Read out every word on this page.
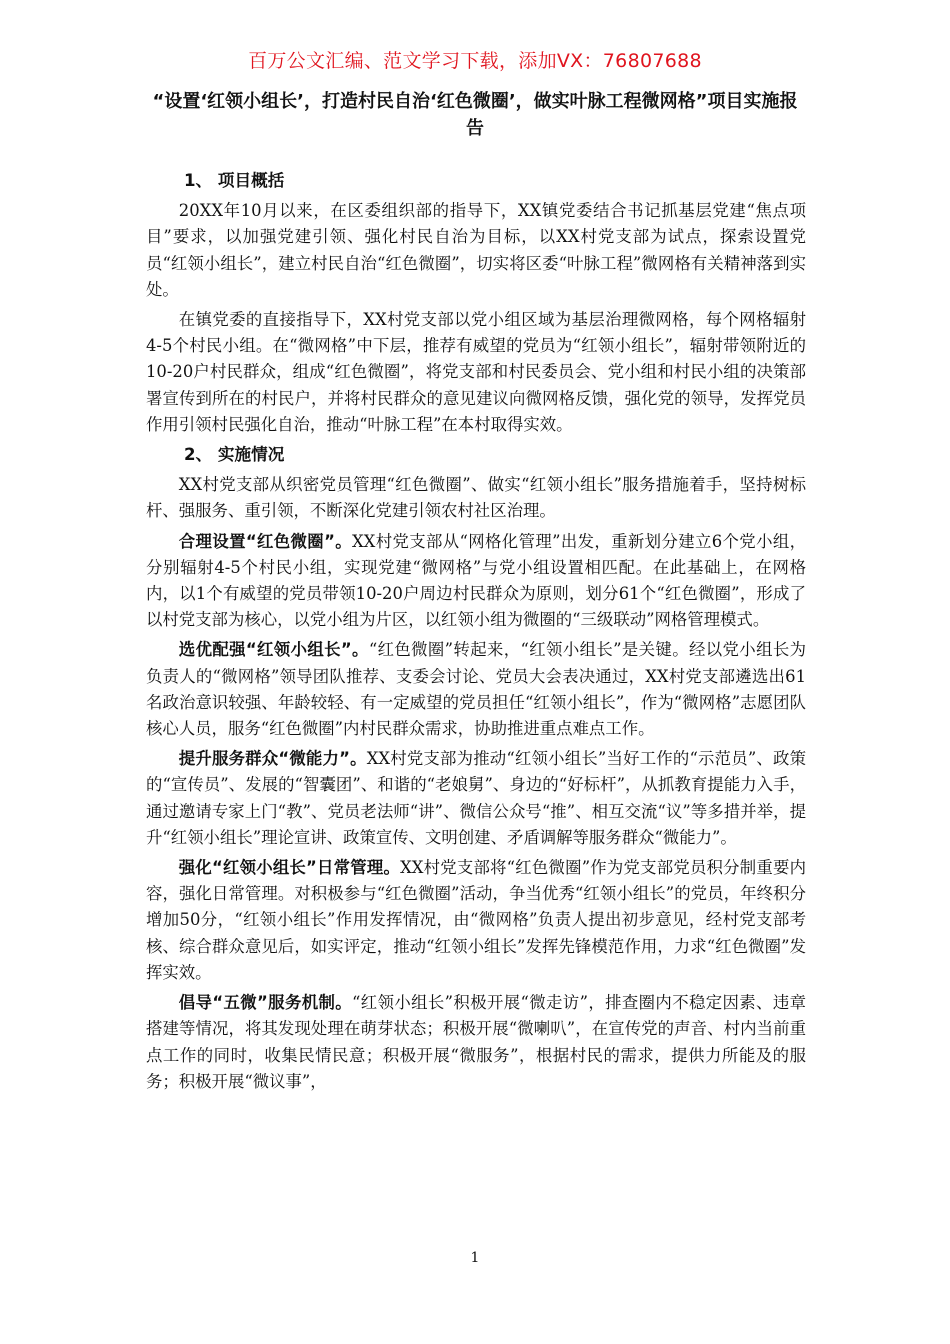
百万公文汇编、范文学习下载，添加VX：76807688
“设置‘红领小组长’，打造村民自治‘红色微圈’，做实叶脉工程微网格”项目实施报告
1、 项目概括

20XX年10月以来，在区委组织部的指导下，XX镇党委结合书记抓基层党建“焦点项目”要求，以加强党建引领、强化村民自治为目标，以XX村党支部为试点，探索设置党员“红领小组长”，建立村民自治“红色微圈”，切实将区委“叶脉工程”微网格有关精神落到实处。

在镇党委的直接指导下，XX村党支部以党小组区域为基层治理微网格，每个网格辐射4-5个村民小组。在“微网格”中下层，推荐有威望的党员为“红领小组长”，辐射带领附近的10-20户村民群众，组成“红色微圈”，将党支部和村民委员会、党小组和村民小组的决策部署宣传到所在的村民户，并将村民群众的意见建议向微网格反馈，强化党的领导，发挥党员作用引领村民强化自治，推动“叶脉工程”在本村取得实效。

2、 实施情况

XX村党支部从织密党员管理“红色微圈”、做实“红领小组长”服务措施着手，坚持树标杆、强服务、重引领，不断深化党建引领农村社区治理。

合理设置“红色微圈”。XX村党支部从“网格化管理”出发，重新划分建立6个党小组，分别辐射4-5个村民小组，实现党建“微网格”与党小组设置相匹配。在此基础上，在网格内，以1个有威望的党员带领10-20户周边村民群众为原则，划分61个“红色微圈”，形成了以村党支部为核心，以党小组为片区，以红领小组为微圈的“三级联动”网格管理模式。

选优配强“红领小组长”。“红色微圈”转起来，“红领小组长”是关键。经以党小组长为负责人的“微网格”领导团队推荐、支委会讨论、党员大会表决通过，XX村党支部遴选出61名政治意识较强、年龄较轻、有一定威望的党员担任“红领小组长”，作为“微网格”志愿团队核心人员，服务“红色微圈”内村民群众需求，协助推进重点难点工作。

提升服务群众“微能力”。XX村党支部为推动“红领小组长”当好工作的“示范员”、政策的“宣传员”、发展的“智囊团”、和谐的“老娘舅”、身边的“好标杆”，从抓教育提能力入手，通过邀请专家上门“教”、党员老法师“讲”、微信公众号“推”、相互交流“议”等多措并举，提升“红领小组长”理论宣讲、政策宣传、文明创建、矛盾调解等服务群众“微能力”。

强化“红领小组长”日常管理。XX村党支部将“红色微圈”作为党支部党员积分制重要内容，强化日常管理。对积极参与“红色微圈”活动，争当优秀“红领小组长”的党员，年终积分增加50分，“红领小组长”作用发挥情况，由“微网格”负责人提出初步意见，经村党支部考核、综合群众意见后，如实评定，推动“红领小组长”发挥先锋模范作用，力求“红色微圈”发挥实效。

倡导“五微”服务机制。“红领小组长”积极开展“微走访”，排查圈内不稳定因素、违章搭建等情况，将其发现处理在萌芽状态；积极开展“微喇叭”，在宣传党的声音、村内当前重点工作的同时，收集民情民意；积极开展“微服务”，根据村民的需求，提供力所能及的服务；积极开展“微议事”，

1
